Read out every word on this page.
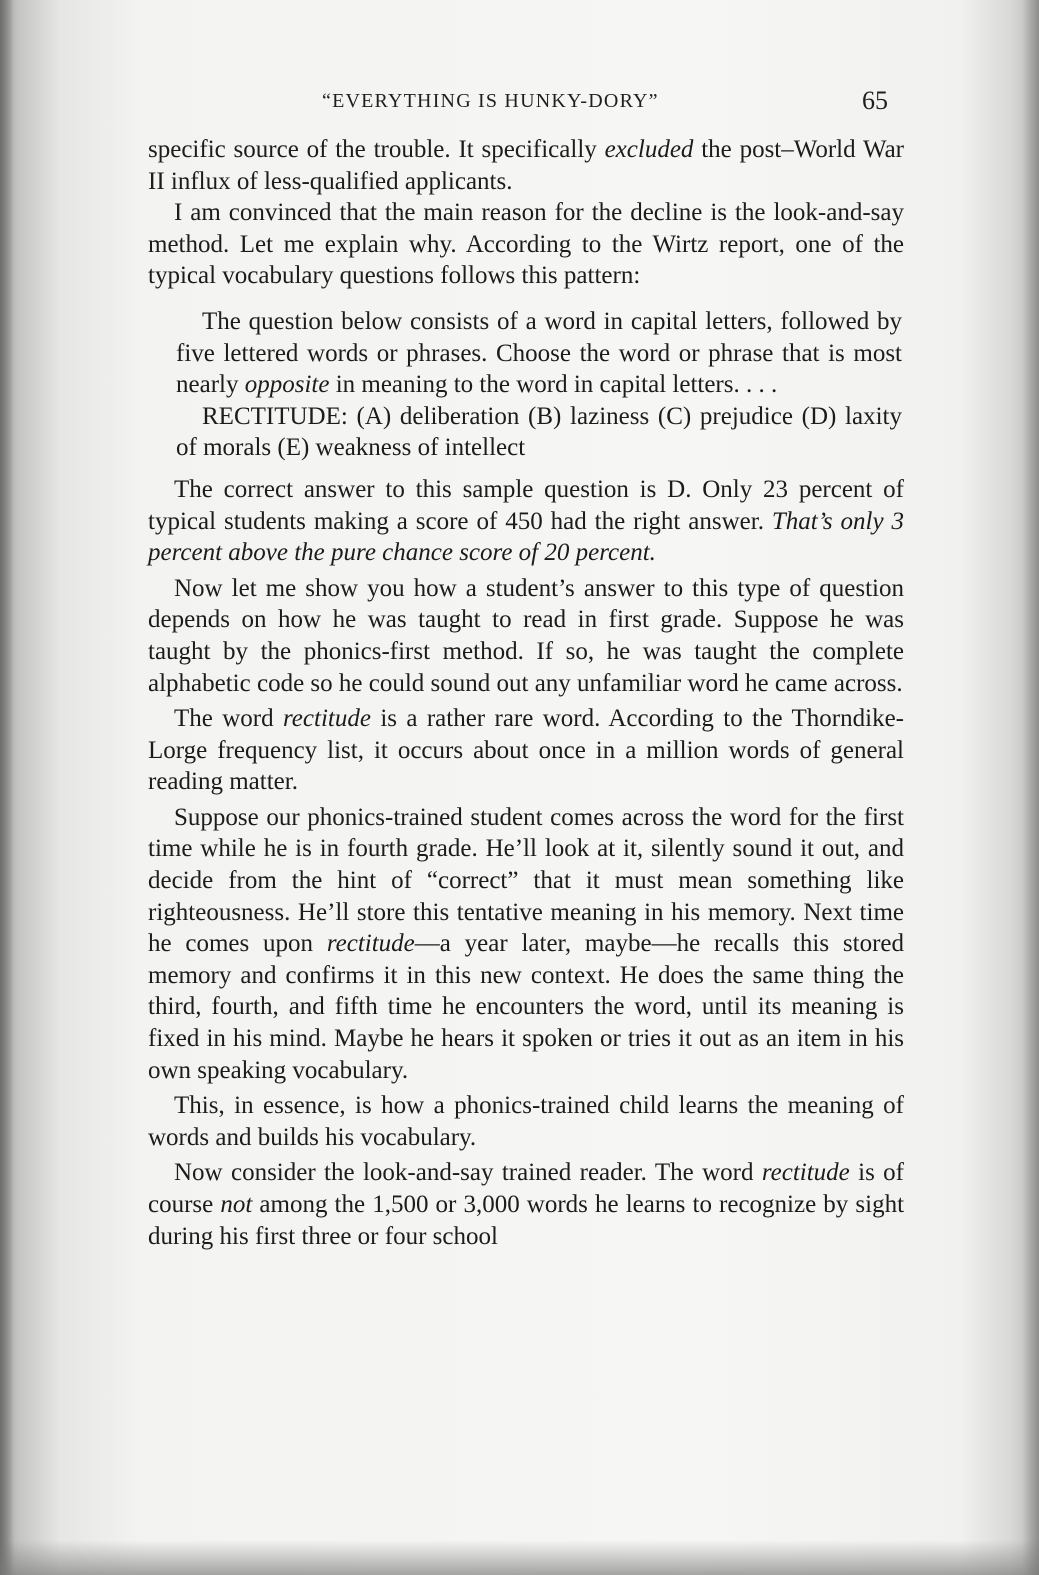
“EVERYTHING IS HUNKY-DORY”	65

specific source of the trouble. It specifically excluded the post–World War II influx of less-qualified applicants.

I am convinced that the main reason for the decline is the look-and-say method. Let me explain why. According to the Wirtz report, one of the typical vocabulary questions follows this pattern:

The question below consists of a word in capital letters, followed by five lettered words or phrases. Choose the word or phrase that is most nearly opposite in meaning to the word in capital letters. . . .

RECTITUDE: (A) deliberation (B) laziness (C) prejudice (D) laxity of morals (E) weakness of intellect

The correct answer to this sample question is D. Only 23 percent of typical students making a score of 450 had the right answer. That’s only 3 percent above the pure chance score of 20 percent.

Now let me show you how a student’s answer to this type of question depends on how he was taught to read in first grade. Suppose he was taught by the phonics-first method. If so, he was taught the complete alphabetic code so he could sound out any unfamiliar word he came across.

The word rectitude is a rather rare word. According to the Thorndike-Lorge frequency list, it occurs about once in a million words of general reading matter.

Suppose our phonics-trained student comes across the word for the first time while he is in fourth grade. He’ll look at it, silently sound it out, and decide from the hint of “correct” that it must mean something like righteousness. He’ll store this tentative meaning in his memory. Next time he comes upon rectitude—a year later, maybe—he recalls this stored memory and confirms it in this new context. He does the same thing the third, fourth, and fifth time he encounters the word, until its meaning is fixed in his mind. Maybe he hears it spoken or tries it out as an item in his own speaking vocabulary.

This, in essence, is how a phonics-trained child learns the meaning of words and builds his vocabulary.

Now consider the look-and-say trained reader. The word rectitude is of course not among the 1,500 or 3,000 words he learns to recognize by sight during his first three or four school
